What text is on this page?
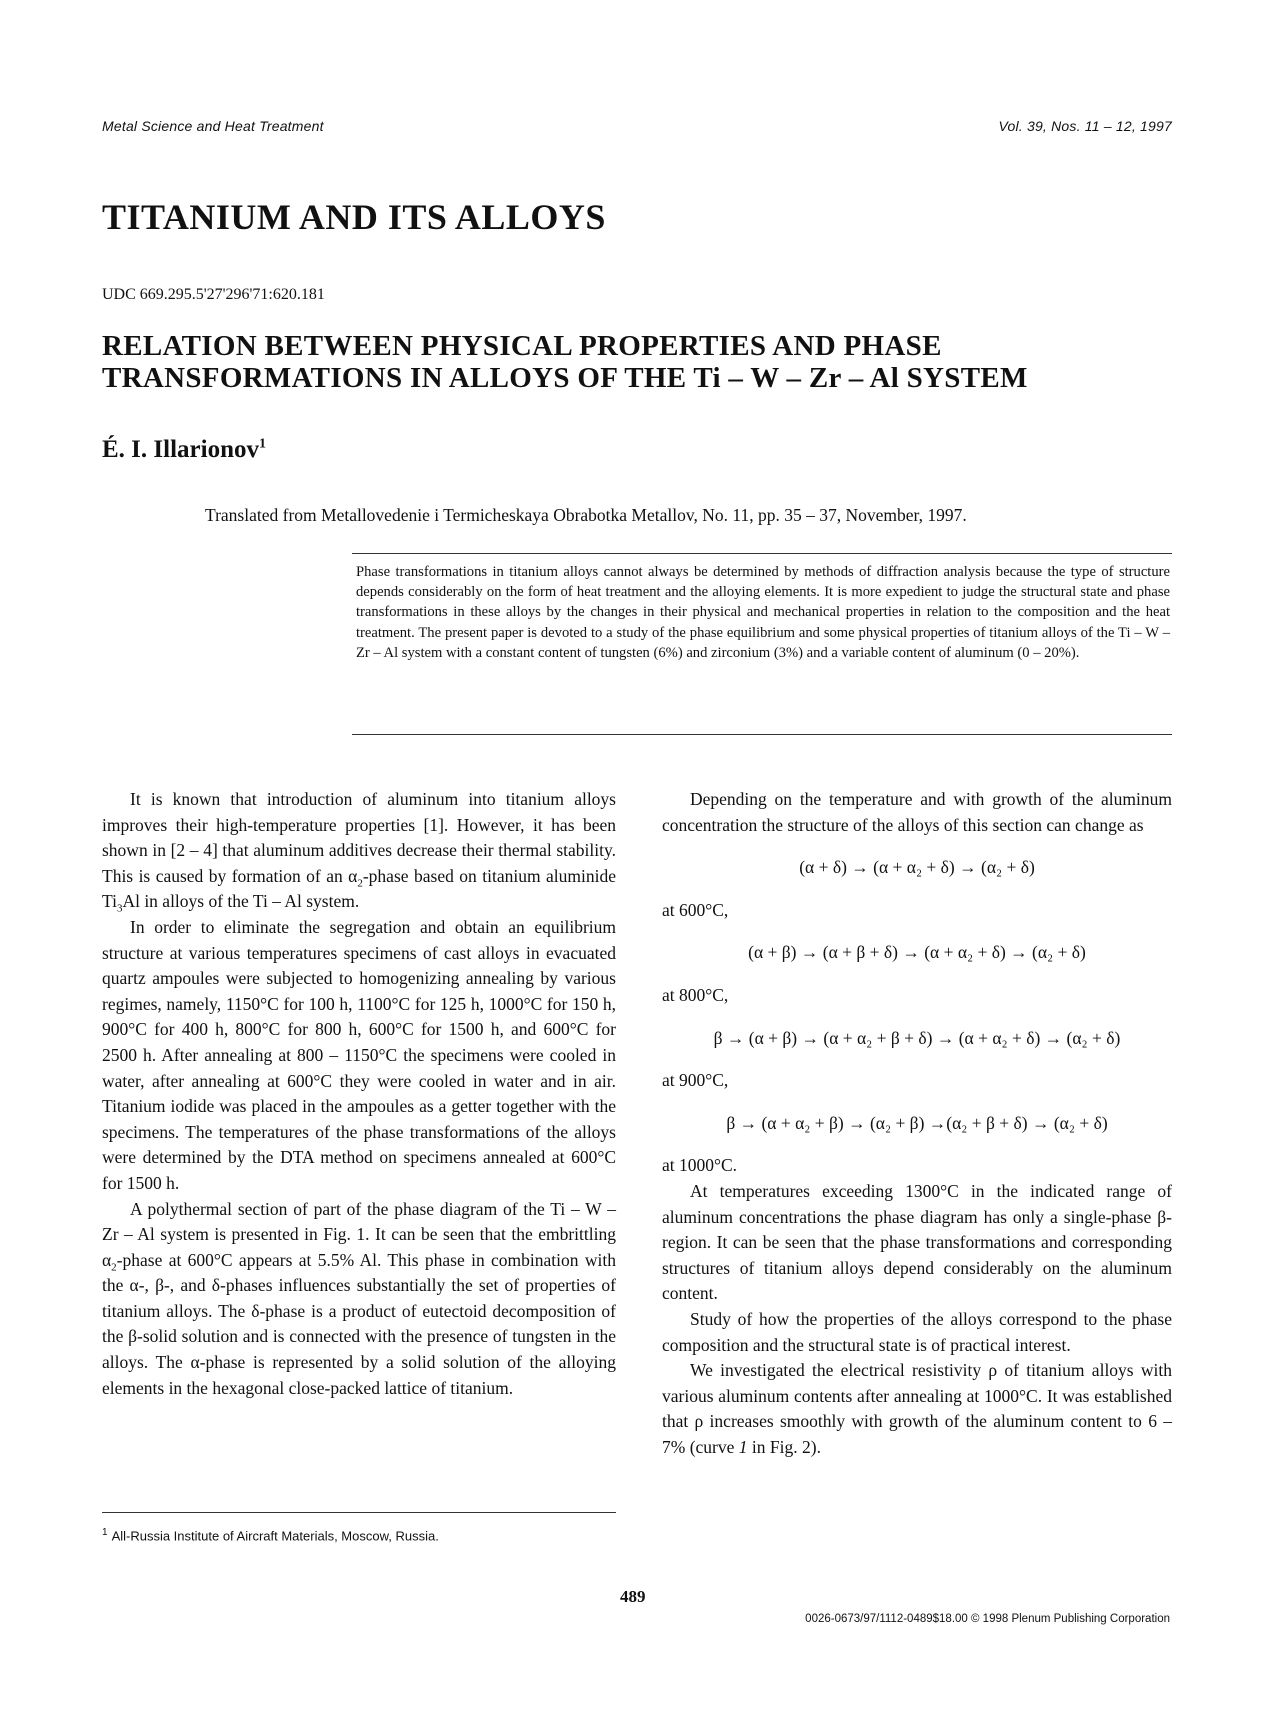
Metal Science and Heat Treatment	Vol. 39, Nos. 11 – 12, 1997
TITANIUM AND ITS ALLOYS
UDC 669.295.5'27'296'71:620.181
RELATION BETWEEN PHYSICAL PROPERTIES AND PHASE
TRANSFORMATIONS IN ALLOYS OF THE Ti – W – Zr – Al SYSTEM
É. I. Illarionov$^1$
Translated from Metallovedenie i Termicheskaya Obrabotka Metallov, No. 11, pp. 35 – 37, November, 1997.
Phase transformations in titanium alloys cannot always be determined by methods of diffraction analysis because the type of structure depends considerably on the form of heat treatment and the alloying elements. It is more expedient to judge the structural state and phase transformations in these alloys by the changes in their physical and mechanical properties in relation to the composition and the heat treatment. The present paper is devoted to a study of the phase equilibrium and some physical properties of titanium alloys of the Ti – W – Zr – Al system with a constant content of tungsten (6%) and zirconium (3%) and a variable content of aluminum (0 – 20%).

It is known that introduction of aluminum into titanium alloys improves their high-temperature properties [1]. However, it has been shown in [2 – 4] that aluminum additives decrease their thermal stability. This is caused by formation of an $\alpha_2$-phase based on titanium aluminide $Ti_3Al$ in alloys of the Ti – Al system.

In order to eliminate the segregation and obtain an equilibrium structure at various temperatures specimens of cast alloys in evacuated quartz ampoules were subjected to homogenizing annealing by various regimes, namely, 1150°C for 100 h, 1100°C for 125 h, 1000°C for 150 h, 900°C for 400 h, 800°C for 800 h, 600°C for 1500 h, and 600°C for 2500 h. After annealing at 800 – 1150°C the specimens were cooled in water, after annealing at 600°C they were cooled in water and in air. Titanium iodide was placed in the ampoules as a getter together with the specimens. The temperatures of the phase transformations of the alloys were determined by the DTA method on specimens annealed at 600°C for 1500 h.

A polythermal section of part of the phase diagram of the Ti – W – Zr – Al system is presented in Fig. 1. It can be seen that the embrittling $\alpha_2$-phase at 600°C appears at 5.5% Al. This phase in combination with the α-, β-, and δ-phases influences substantially the set of properties of titanium alloys. The δ-phase is a product of eutectoid decomposition of the β-solid solution and is connected with the presence of tungsten in the alloys. The α-phase is represented by a solid solution of the alloying elements in the hexagonal close-packed lattice of titanium.

$^1$ All-Russia Institute of Aircraft Materials, Moscow, Russia.

Depending on the temperature and with growth of the aluminum concentration the structure of the alloys of this section can change as

(α + δ) → (α + α₂ + δ) → (α₂ + δ)

at 600°C,

(α + β) → (α + β + δ) → (α + α₂ + δ) → (α₂ + δ)

at 800°C,

β → (α + β) → (α + α₂ + β + δ) → (α + α₂ + δ) → (α₂ + δ)

at 900°C,

β → (α + α₂ + β) → (α₂ + β) →(α₂ + β + δ) → (α₂ + δ)

at 1000°C.

At temperatures exceeding 1300°C in the indicated range of aluminum concentrations the phase diagram has only a single-phase β-region. It can be seen that the phase transformations and corresponding structures of titanium alloys depend considerably on the aluminum content.

Study of how the properties of the alloys correspond to the phase composition and the structural state is of practical interest.

We investigated the electrical resistivity ρ of titanium alloys with various aluminum contents after annealing at 1000°C. It was established that ρ increases smoothly with growth of the aluminum content to 6 – 7% (curve 1 in Fig. 2).

489
0026-0673/97/1112-0489$18.00 © 1998 Plenum Publishing Corporation
